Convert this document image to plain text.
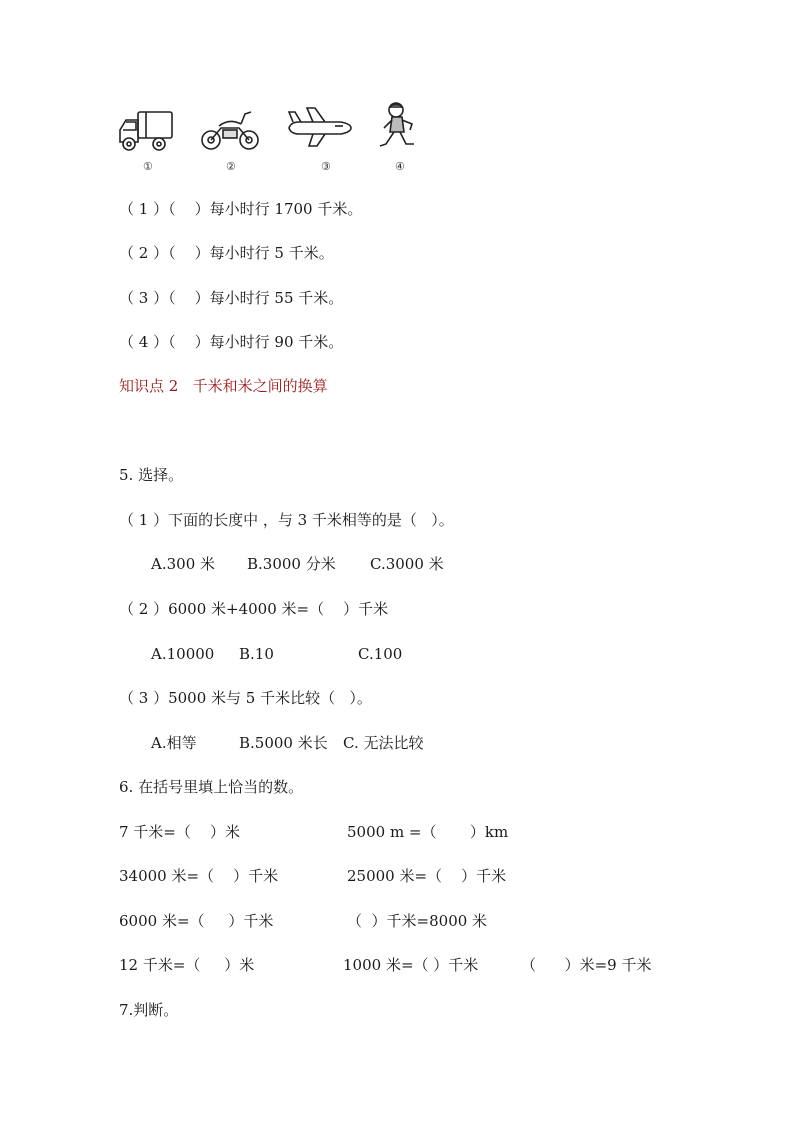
①	②	③	④
（ 1 ）（    ）每小时行 1700 千米。
（ 2 ）（    ）每小时行 5 千米。
（ 3 ）（    ）每小时行 55 千米。
（ 4 ）（    ）每小时行 90 千米。
知识点 2   千米和米之间的换算
5. 选择。
（ 1 ）下面的长度中 ，与 3 千米相等的是（   ）。
A.300 米 B.3000 分米 C.3000 米
（ 2 ）6000 米+4000 米=（    ）千米
A.10000 B.10	C.100
（ 3 ）5000 米与 5 千米比较（   ）。
A.相等	B.5000 米长 C. 无法比较
6. 在括号里填上恰当的数。
7 千米=（    ）米	5000 m =（       ）km
34000 米=（    ）千米	25000 米=（    ）千米
6000 米=（     ）千米	（  ）千米=8000 米
12 千米=（     ）米	1000 米=（ ）千米	（      ）米=9 千米
7.判断。
